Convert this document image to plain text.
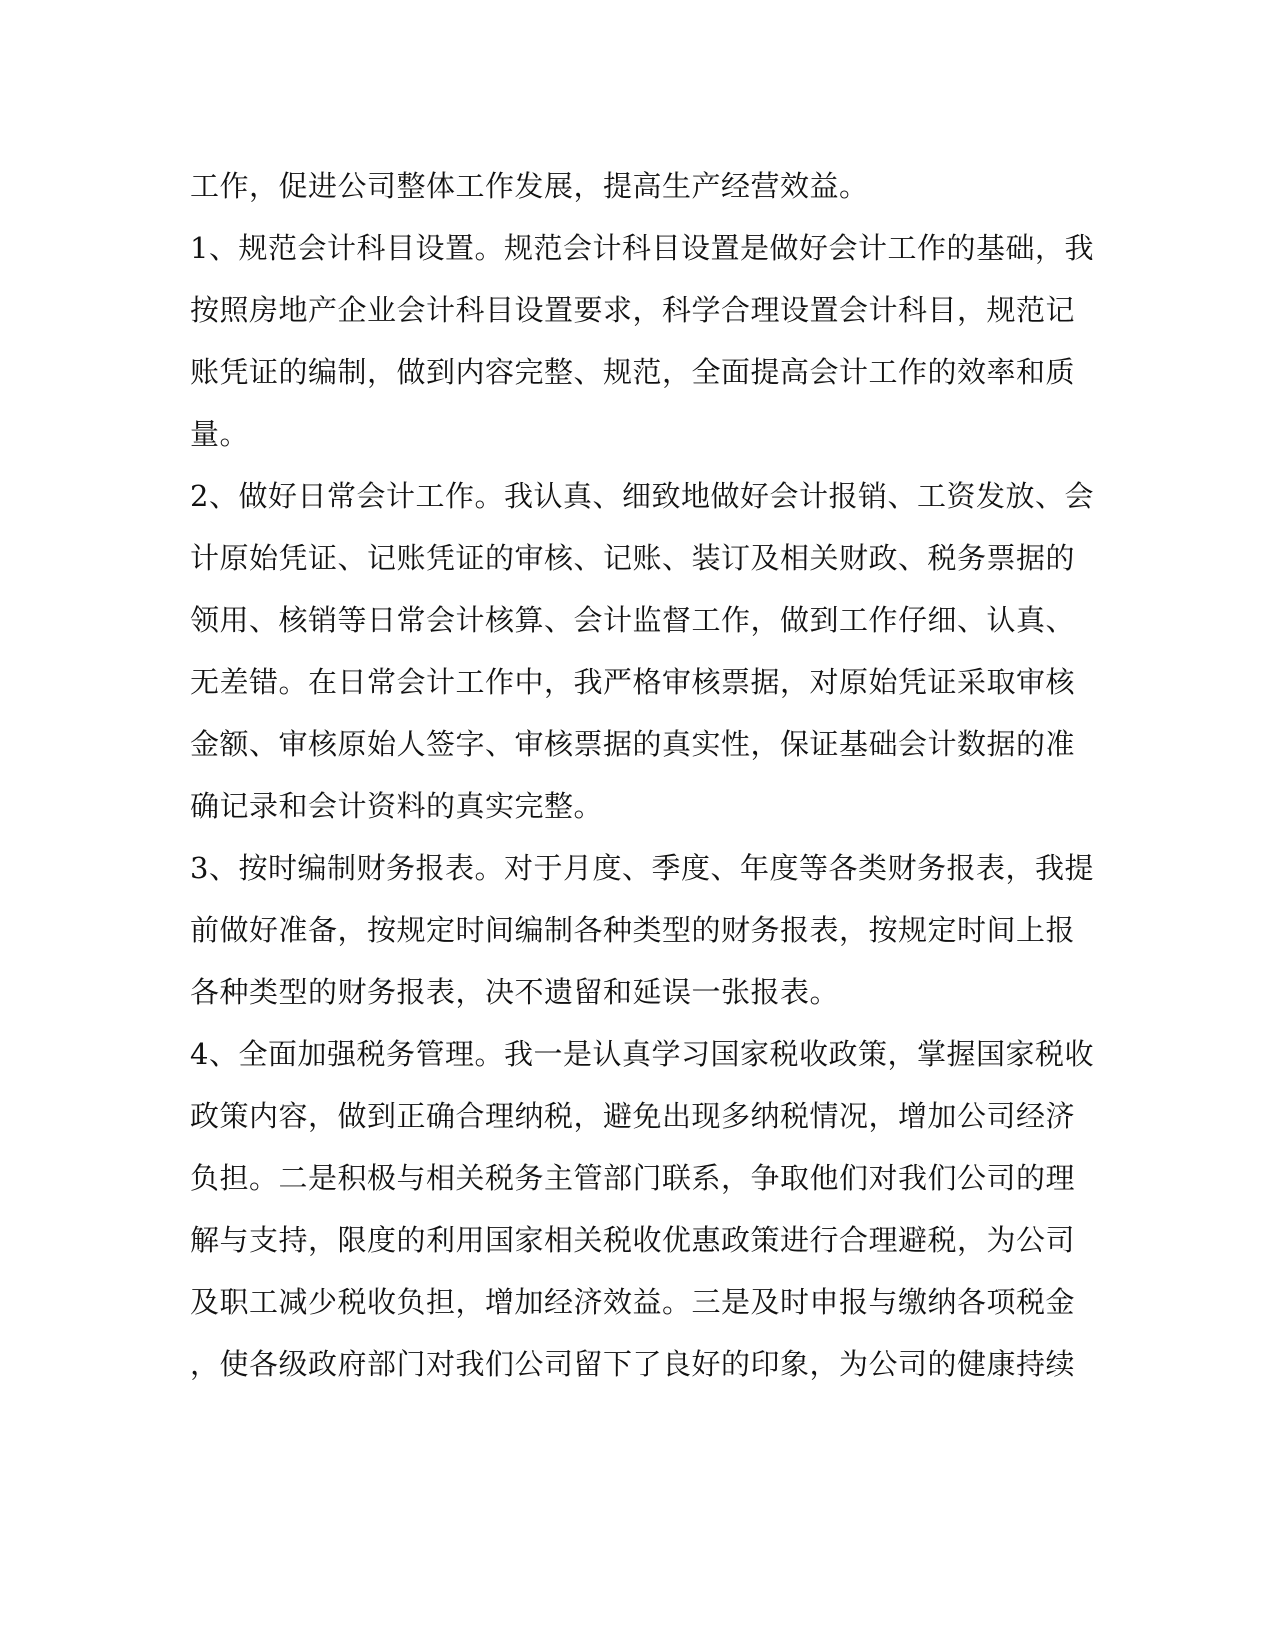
工作，促进公司整体工作发展，提高生产经营效益。
1、规范会计科目设置。规范会计科目设置是做好会计工作的基础，我
按照房地产企业会计科目设置要求，科学合理设置会计科目，规范记
账凭证的编制，做到内容完整、规范，全面提高会计工作的效率和质
量。
2、做好日常会计工作。我认真、细致地做好会计报销、工资发放、会
计原始凭证、记账凭证的审核、记账、装订及相关财政、税务票据的
领用、核销等日常会计核算、会计监督工作，做到工作仔细、认真、
无差错。在日常会计工作中，我严格审核票据，对原始凭证采取审核
金额、审核原始人签字、审核票据的真实性，保证基础会计数据的准
确记录和会计资料的真实完整。
3、按时编制财务报表。对于月度、季度、年度等各类财务报表，我提
前做好准备，按规定时间编制各种类型的财务报表，按规定时间上报
各种类型的财务报表，决不遗留和延误一张报表。
4、全面加强税务管理。我一是认真学习国家税收政策，掌握国家税收
政策内容，做到正确合理纳税，避免出现多纳税情况，增加公司经济
负担。二是积极与相关税务主管部门联系，争取他们对我们公司的理
解与支持，限度的利用国家相关税收优惠政策进行合理避税，为公司
及职工减少税收负担，增加经济效益。三是及时申报与缴纳各项税金
，使各级政府部门对我们公司留下了良好的印象，为公司的健康持续
